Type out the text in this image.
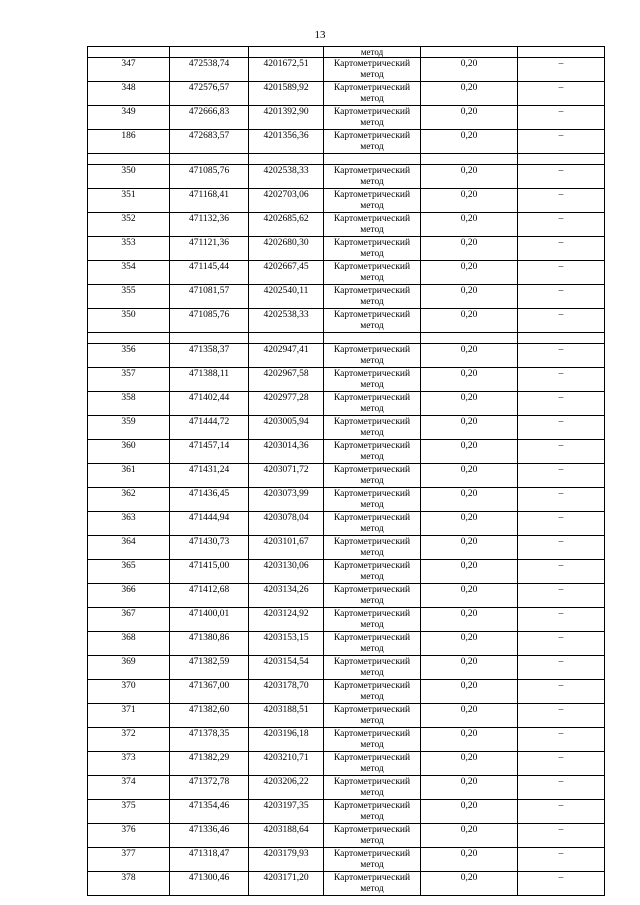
13
			метод		
347	472538,74	4201672,51	Картометрический метод	0,20	–
348	472576,57	4201589,92	Картометрический метод	0,20	–
349	472666,83	4201392,90	Картометрический метод	0,20	–
186	472683,57	4201356,36	Картометрический метод	0,20	–

350	471085,76	4202538,33	Картометрический метод	0,20	–
351	471168,41	4202703,06	Картометрический метод	0,20	–
352	471132,36	4202685,62	Картометрический метод	0,20	–
353	471121,36	4202680,30	Картометрический метод	0,20	–
354	471145,44	4202667,45	Картометрический метод	0,20	–
355	471081,57	4202540,11	Картометрический метод	0,20	–
350	471085,76	4202538,33	Картометрический метод	0,20	–

356	471358,37	4202947,41	Картометрический метод	0,20	–
357	471388,11	4202967,58	Картометрический метод	0,20	–
358	471402,44	4202977,28	Картометрический метод	0,20	–
359	471444,72	4203005,94	Картометрический метод	0,20	–
360	471457,14	4203014,36	Картометрический метод	0,20	–
361	471431,24	4203071,72	Картометрический метод	0,20	–
362	471436,45	4203073,99	Картометрический метод	0,20	–
363	471444,94	4203078,04	Картометрический метод	0,20	–
364	471430,73	4203101,67	Картометрический метод	0,20	–
365	471415,00	4203130,06	Картометрический метод	0,20	–
366	471412,68	4203134,26	Картометрический метод	0,20	–
367	471400,01	4203124,92	Картометрический метод	0,20	–
368	471380,86	4203153,15	Картометрический метод	0,20	–
369	471382,59	4203154,54	Картометрический метод	0,20	–
370	471367,00	4203178,70	Картометрический метод	0,20	–
371	471382,60	4203188,51	Картометрический метод	0,20	–
372	471378,35	4203196,18	Картометрический метод	0,20	–
373	471382,29	4203210,71	Картометрический метод	0,20	–
374	471372,78	4203206,22	Картометрический метод	0,20	–
375	471354,46	4203197,35	Картометрический метод	0,20	–
376	471336,46	4203188,64	Картометрический метод	0,20	–
377	471318,47	4203179,93	Картометрический метод	0,20	–
378	471300,46	4203171,20	Картометрический метод	0,20	–
